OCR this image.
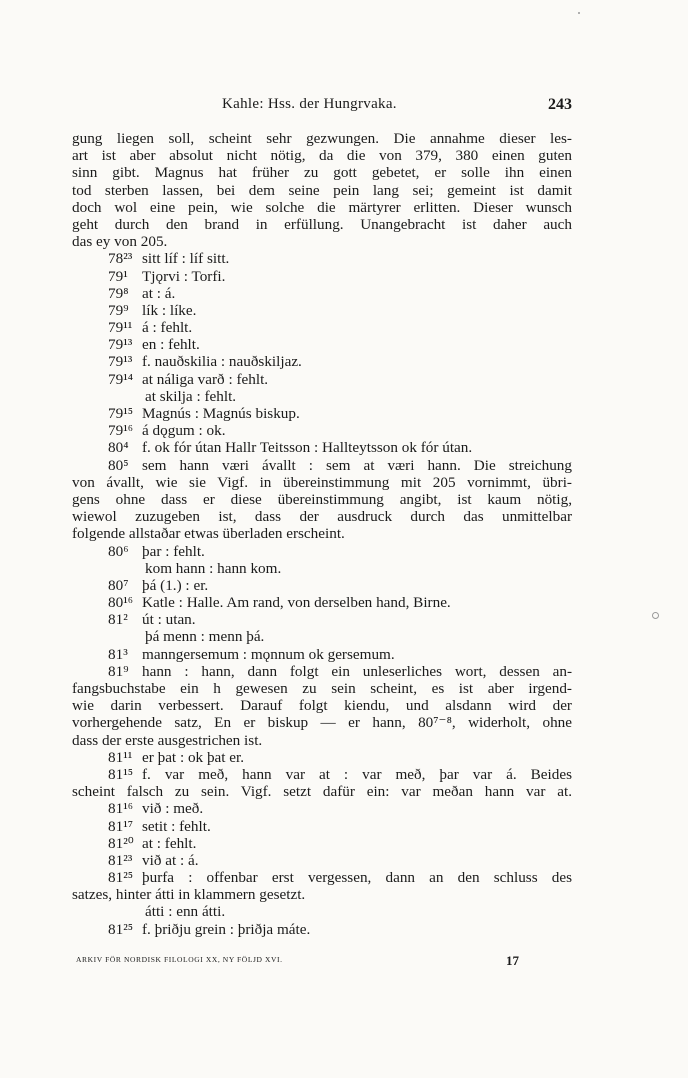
Kahle: Hss. der Hungrvaka.	243
gung liegen soll, scheint sehr gezwungen. Die annahme dieser les-
art ist aber absolut nicht nötig, da die von 379, 380 einen guten
sinn gibt. Magnus hat früher zu gott gebetet, er solle ihn einen
tod sterben lassen, bei dem seine pein lang sei; gemeint ist damit
doch wol eine pein, wie solche die märtyrer erlitten. Dieser wunsch
geht durch den brand in erfüllung. Unangebracht ist daher auch
das ey von 205.
78²³ sitt líf : líf sitt.
79¹ Tjǫrvi : Torfi.
79⁸ at : á.
79⁹ lík : líke.
79¹¹ á : fehlt.
79¹³ en : fehlt.
79¹³ f. nauðskilia : nauðskiljaz.
79¹⁴ at náliga varð : fehlt.
at skilja : fehlt.
79¹⁵ Magnús : Magnús biskup.
79¹⁶ á dǫgum : ok.
80⁴ f. ok fór útan Hallr Teitsson : Hallteytsson ok fór útan.
80⁵ sem hann væri ávallt : sem at væri hann. Die streichung
von ávallt, wie sie Vigf. in übereinstimmung mit 205 vornimmt, übri-
gens ohne dass er diese übereinstimmung angibt, ist kaum nötig,
wiewol zuzugeben ist, dass der ausdruck durch das unmittelbar
folgende allstaðar etwas überladen erscheint.
80⁶ þar : fehlt.
kom hann : hann kom.
80⁷ þá (1.) : er.
80¹⁶ Katle : Halle. Am rand, von derselben hand, Birne.
81² út : utan.
þá menn : menn þá.
81³ manngersemum : mǫnnum ok gersemum.
81⁹ hann : hann, dann folgt ein unleserliches wort, dessen an-
fangsbuchstabe ein h gewesen zu sein scheint, es ist aber irgend-
wie darin verbessert. Darauf folgt kiendu, und alsdann wird der
vorhergehende satz, En er biskup — er hann, 80⁷⁻⁸, widerholt, ohne
dass der erste ausgestrichen ist.
81¹¹ er þat : ok þat er.
81¹⁵ f. var með, hann var at : var með, þar var á. Beides
scheint falsch zu sein. Vigf. setzt dafür ein: var meðan hann var at.
81¹⁶ við : með.
81¹⁷ setit : fehlt.
81²⁰ at : fehlt.
81²³ við at : á.
81²⁵ þurfa : offenbar erst vergessen, dann an den schluss des
satzes, hinter átti in klammern gesetzt.
átti : enn átti.
81²⁵ f. þriðju grein : þriðja máte.
ARKIV FÖR NORDISK FILOLOGI XX, NY FÖLJD XVI.	17
